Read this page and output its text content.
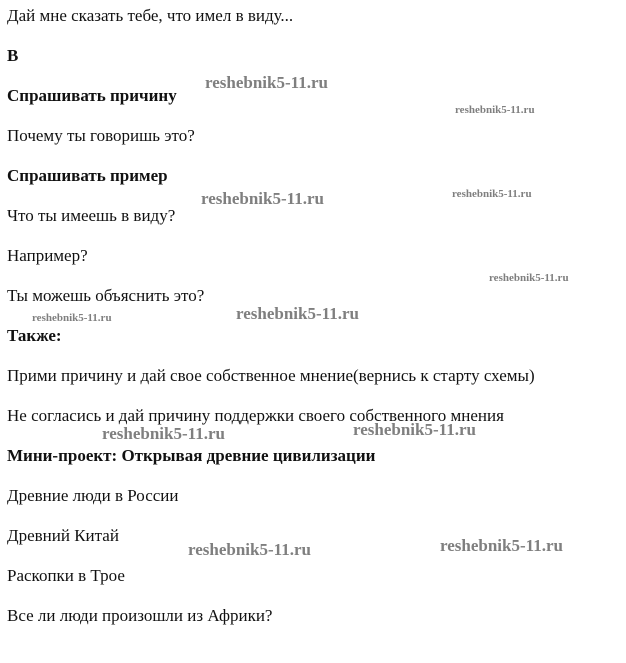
Дай мне сказать тебе, что имел в виду...

B

Спрашивать причину

Почему ты говоришь это?

Спрашивать пример

Что ты имеешь в виду?

Например?

Ты можешь объяснить это?

Также:

Прими причину и дай свое собственное мнение(вернись к старту схемы)

Не согласись и дай причину поддержки своего собственного мнения

Мини-проект: Открывая древние цивилизации

Древние люди в России

Древний Китай

Раскопки в Трое

Все ли люди произошли из Африки?

reshebnik5-11.ru
reshebnik5-11.ru
reshebnik5-11.ru	reshebnik5-11.ru
reshebnik5-11.ru
reshebnik5-11.ru	reshebnik5-11.ru
reshebnik5-11.ru	reshebnik5-11.ru
reshebnik5-11.ru	reshebnik5-11.ru
